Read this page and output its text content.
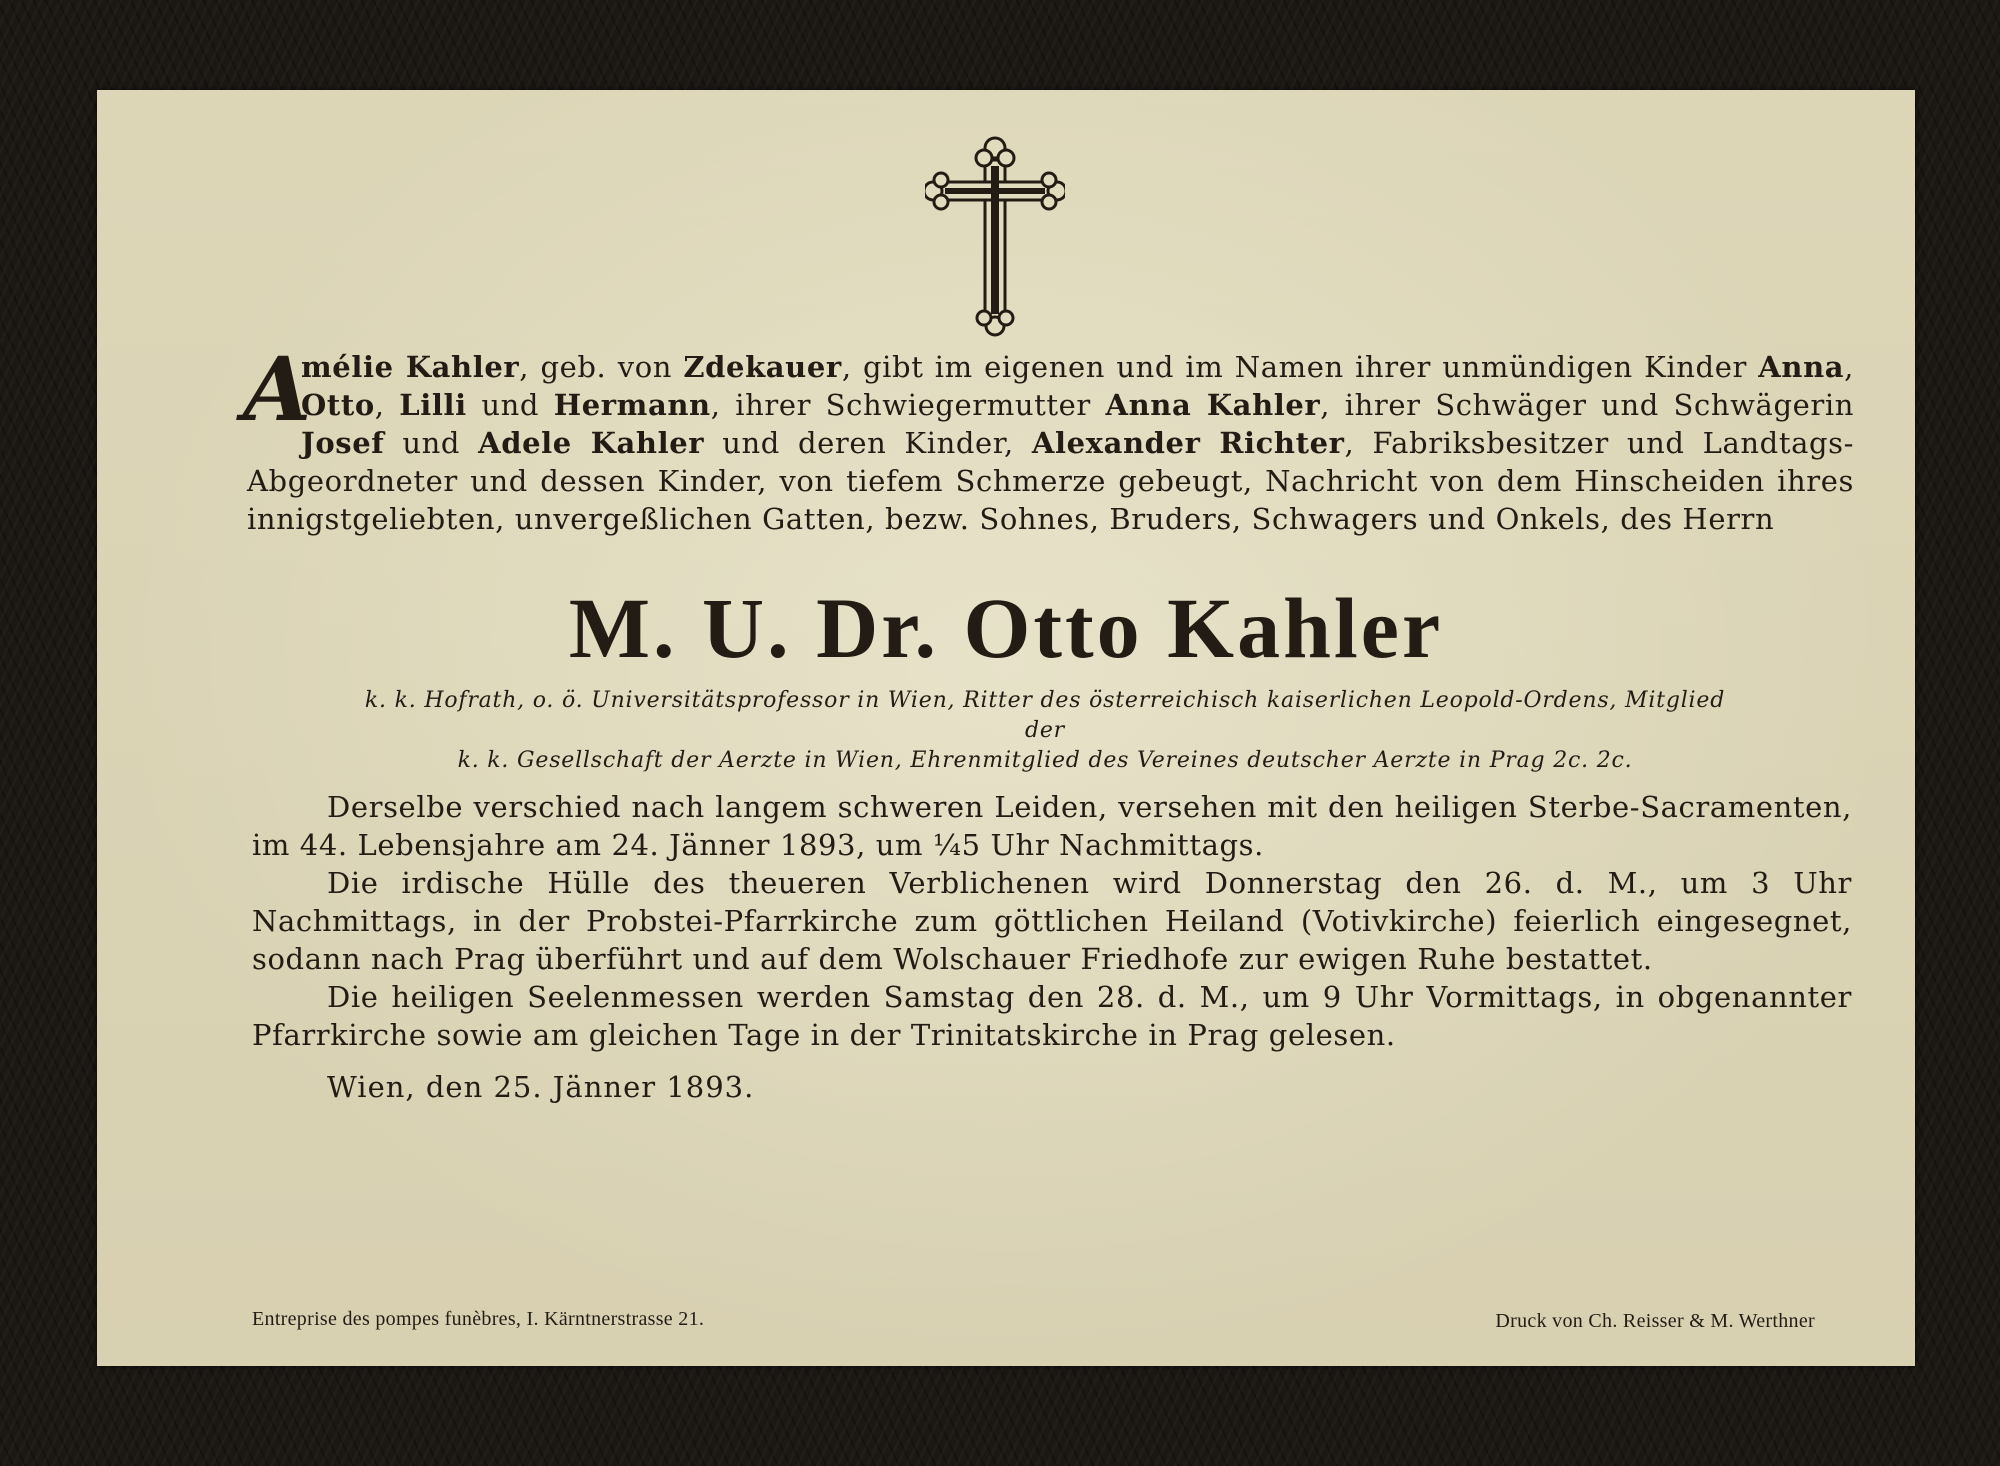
A
mélie Kahler, geb. von Zdekauer, gibt im eigenen und im Namen ihrer unmündigen Kinder Anna, Otto, Lilli und Hermann, ihrer Schwiegermutter Anna Kahler, ihrer Schwäger und Schwägerin Josef und Adele Kahler und deren Kinder, Alexander Richter, Fabriksbesitzer und Landtags-Abgeordneter und dessen Kinder, von tiefem Schmerze gebeugt, Nachricht von dem Hinscheiden ihres innigstgeliebten, unvergeßlichen Gatten, bezw. Sohnes, Bruders, Schwagers und Onkels, des Herrn
M. U. Dr. Otto Kahler
k. k. Hofrath, o. ö. Universitätsprofessor in Wien, Ritter des österreichisch kaiserlichen Leopold-Ordens, Mitglied der
k. k. Gesellschaft der Aerzte in Wien, Ehrenmitglied des Vereines deutscher Aerzte in Prag 2c. 2c.
Derselbe verschied nach langem schweren Leiden, versehen mit den heiligen Sterbe-Sacramenten, im 44. Lebensjahre am 24. Jänner 1893, um ¼5 Uhr Nachmittags.
Die irdische Hülle des theueren Verblichenen wird Donnerstag den 26. d. M., um 3 Uhr Nachmittags, in der Probstei-Pfarrkirche zum göttlichen Heiland (Votivkirche) feierlich eingesegnet, sodann nach Prag überführt und auf dem Wolschauer Friedhofe zur ewigen Ruhe bestattet.
Die heiligen Seelenmessen werden Samstag den 28. d. M., um 9 Uhr Vormittags, in obgenannter Pfarrkirche sowie am gleichen Tage in der Trinitatskirche in Prag gelesen.
Wien, den 25. Jänner 1893.
Entreprise des pompes funèbres, I. Kärntnerstrasse 21.	Druck von Ch. Reisser & M. Werthner
